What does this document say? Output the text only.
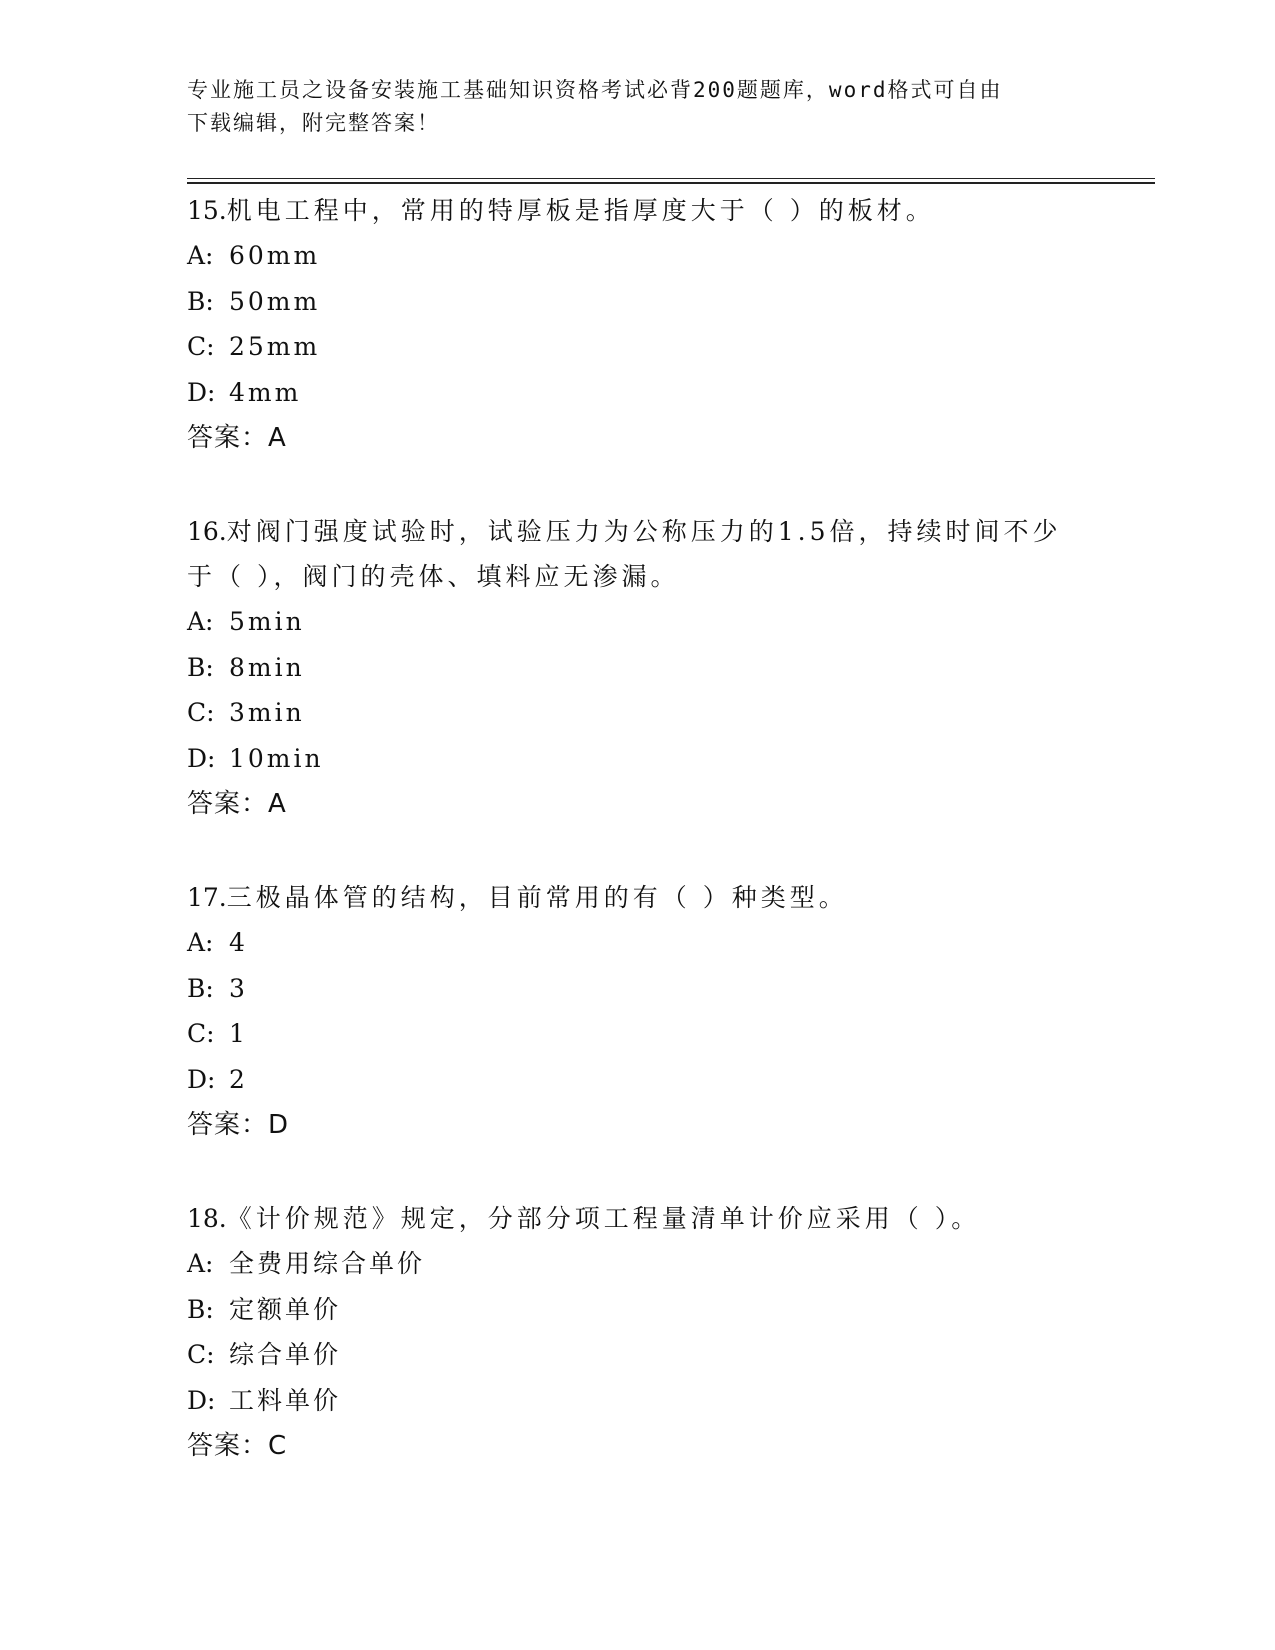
专业施工员之设备安装施工基础知识资格考试必背200题题库，word格式可自由
下载编辑，附完整答案！
15.机电工程中，常用的特厚板是指厚度大于（ ）的板材。
A: 60mm
B: 50mm
C: 25mm
D: 4mm
答案：A
16.对阀门强度试验时，试验压力为公称压力的1.5倍，持续时间不少于（ ），阀门的壳体、填料应无渗漏。
A: 5min
B: 8min
C: 3min
D: 10min
答案：A
17.三极晶体管的结构，目前常用的有（ ）种类型。
A: 4
B: 3
C: 1
D: 2
答案：D
18.《计价规范》规定，分部分项工程量清单计价应采用（ ）。
A: 全费用综合单价
B: 定额单价
C: 综合单价
D: 工料单价
答案：C
